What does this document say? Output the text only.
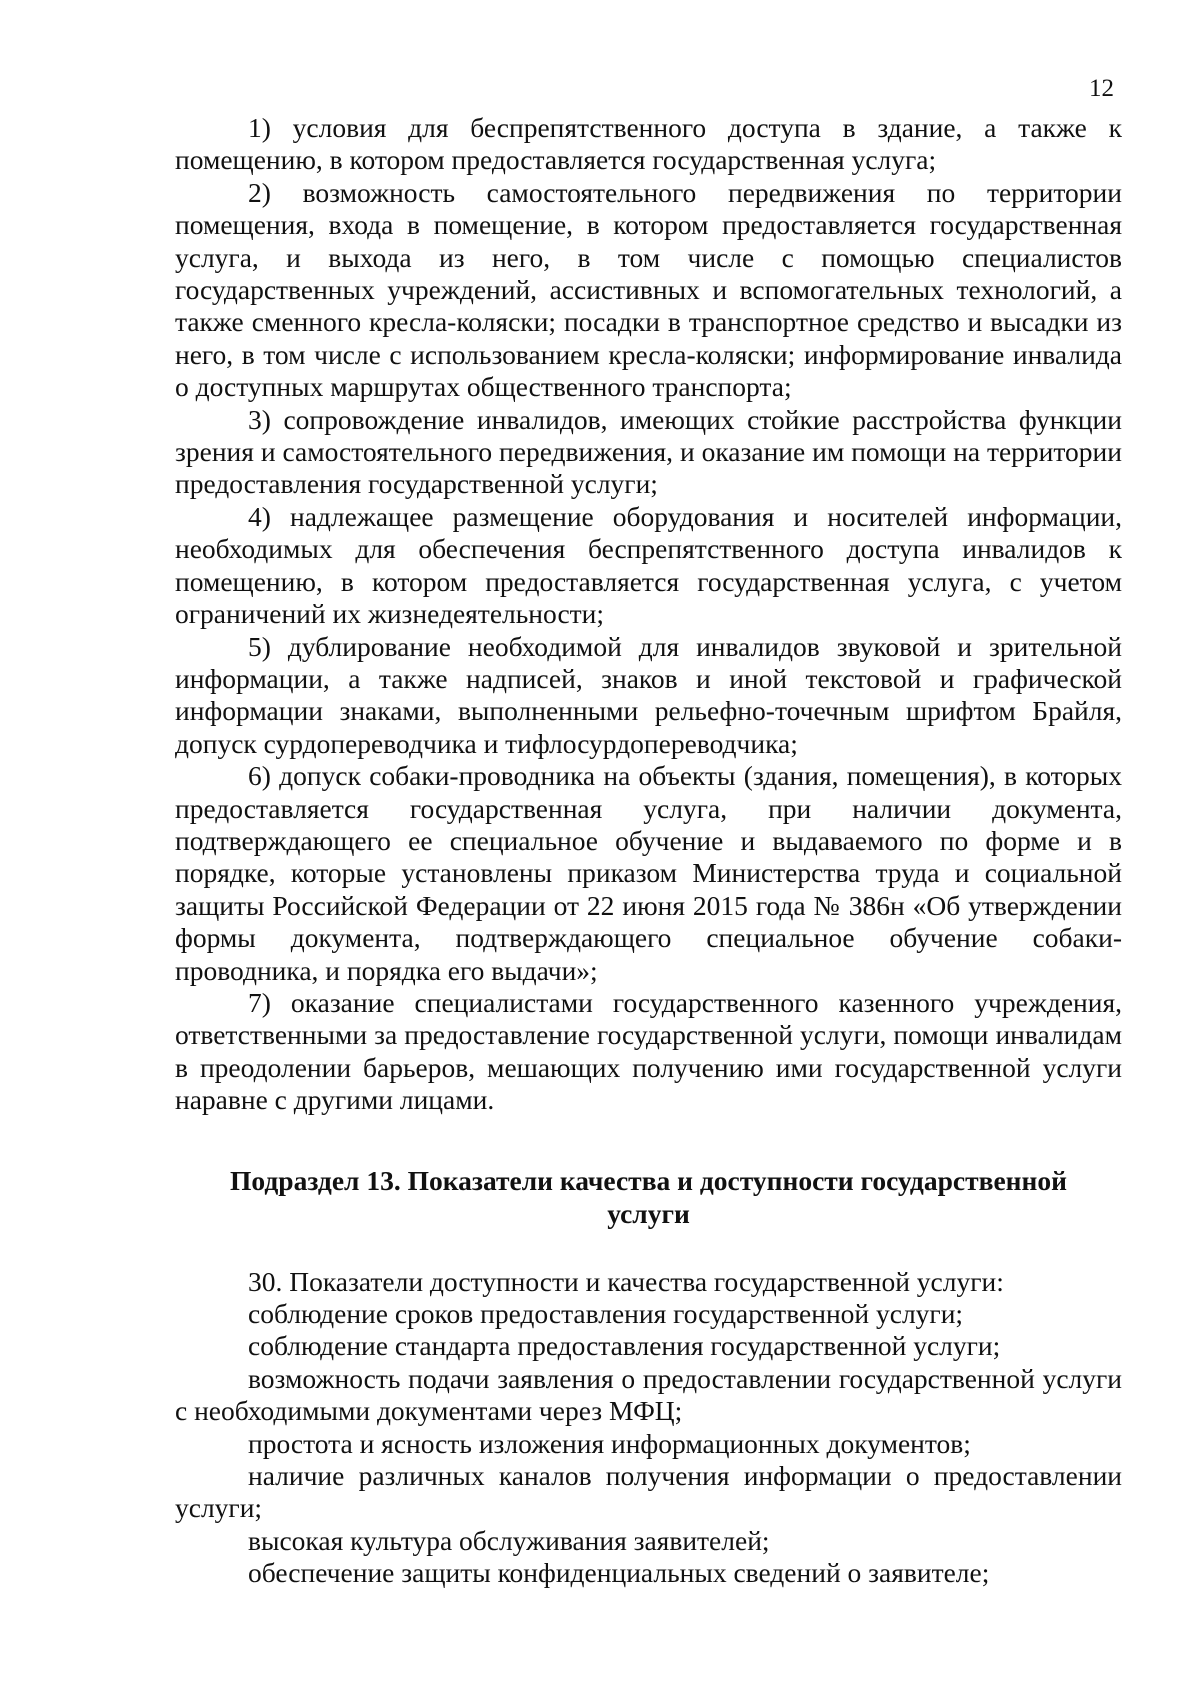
12

1) условия для беспрепятственного доступа в здание, а также к помещению, в котором предоставляется государственная услуга;

2) возможность самостоятельного передвижения по территории помещения, входа в помещение, в котором предоставляется государственная услуга, и выхода из него, в том числе с помощью специалистов государственных учреждений, ассистивных и вспомогательных технологий, а также сменного кресла-коляски; посадки в транспортное средство и высадки из него, в том числе с использованием кресла-коляски; информирование инвалида о доступных маршрутах общественного транспорта;

3) сопровождение инвалидов, имеющих стойкие расстройства функции зрения и самостоятельного передвижения, и оказание им помощи на территории предоставления государственной услуги;

4) надлежащее размещение оборудования и носителей информации, необходимых для обеспечения беспрепятственного доступа инвалидов к помещению, в котором предоставляется государственная услуга, с учетом ограничений их жизнедеятельности;

5) дублирование необходимой для инвалидов звуковой и зрительной информации, а также надписей, знаков и иной текстовой и графической информации знаками, выполненными рельефно-точечным шрифтом Брайля, допуск сурдопереводчика и тифлосурдопереводчика;

6) допуск собаки-проводника на объекты (здания, помещения), в которых предоставляется государственная услуга, при наличии документа, подтверждающего ее специальное обучение и выдаваемого по форме и в порядке, которые установлены приказом Министерства труда и социальной защиты Российской Федерации от 22 июня 2015 года № 386н «Об утверждении формы документа, подтверждающего специальное обучение собаки-проводника, и порядка его выдачи»;

7) оказание специалистами государственного казенного учреждения, ответственными за предоставление государственной услуги, помощи инвалидам в преодолении барьеров, мешающих получению ими государственной услуги наравне с другими лицами.

Подраздел 13. Показатели качества и доступности государственной услуги

30. Показатели доступности и качества государственной услуги:

соблюдение сроков предоставления государственной услуги;

соблюдение стандарта предоставления государственной услуги;

возможность подачи заявления о предоставлении государственной услуги с необходимыми документами через МФЦ;

простота и ясность изложения информационных документов;

наличие различных каналов получения информации о предоставлении услуги;

высокая культура обслуживания заявителей;

обеспечение защиты конфиденциальных сведений о заявителе;
